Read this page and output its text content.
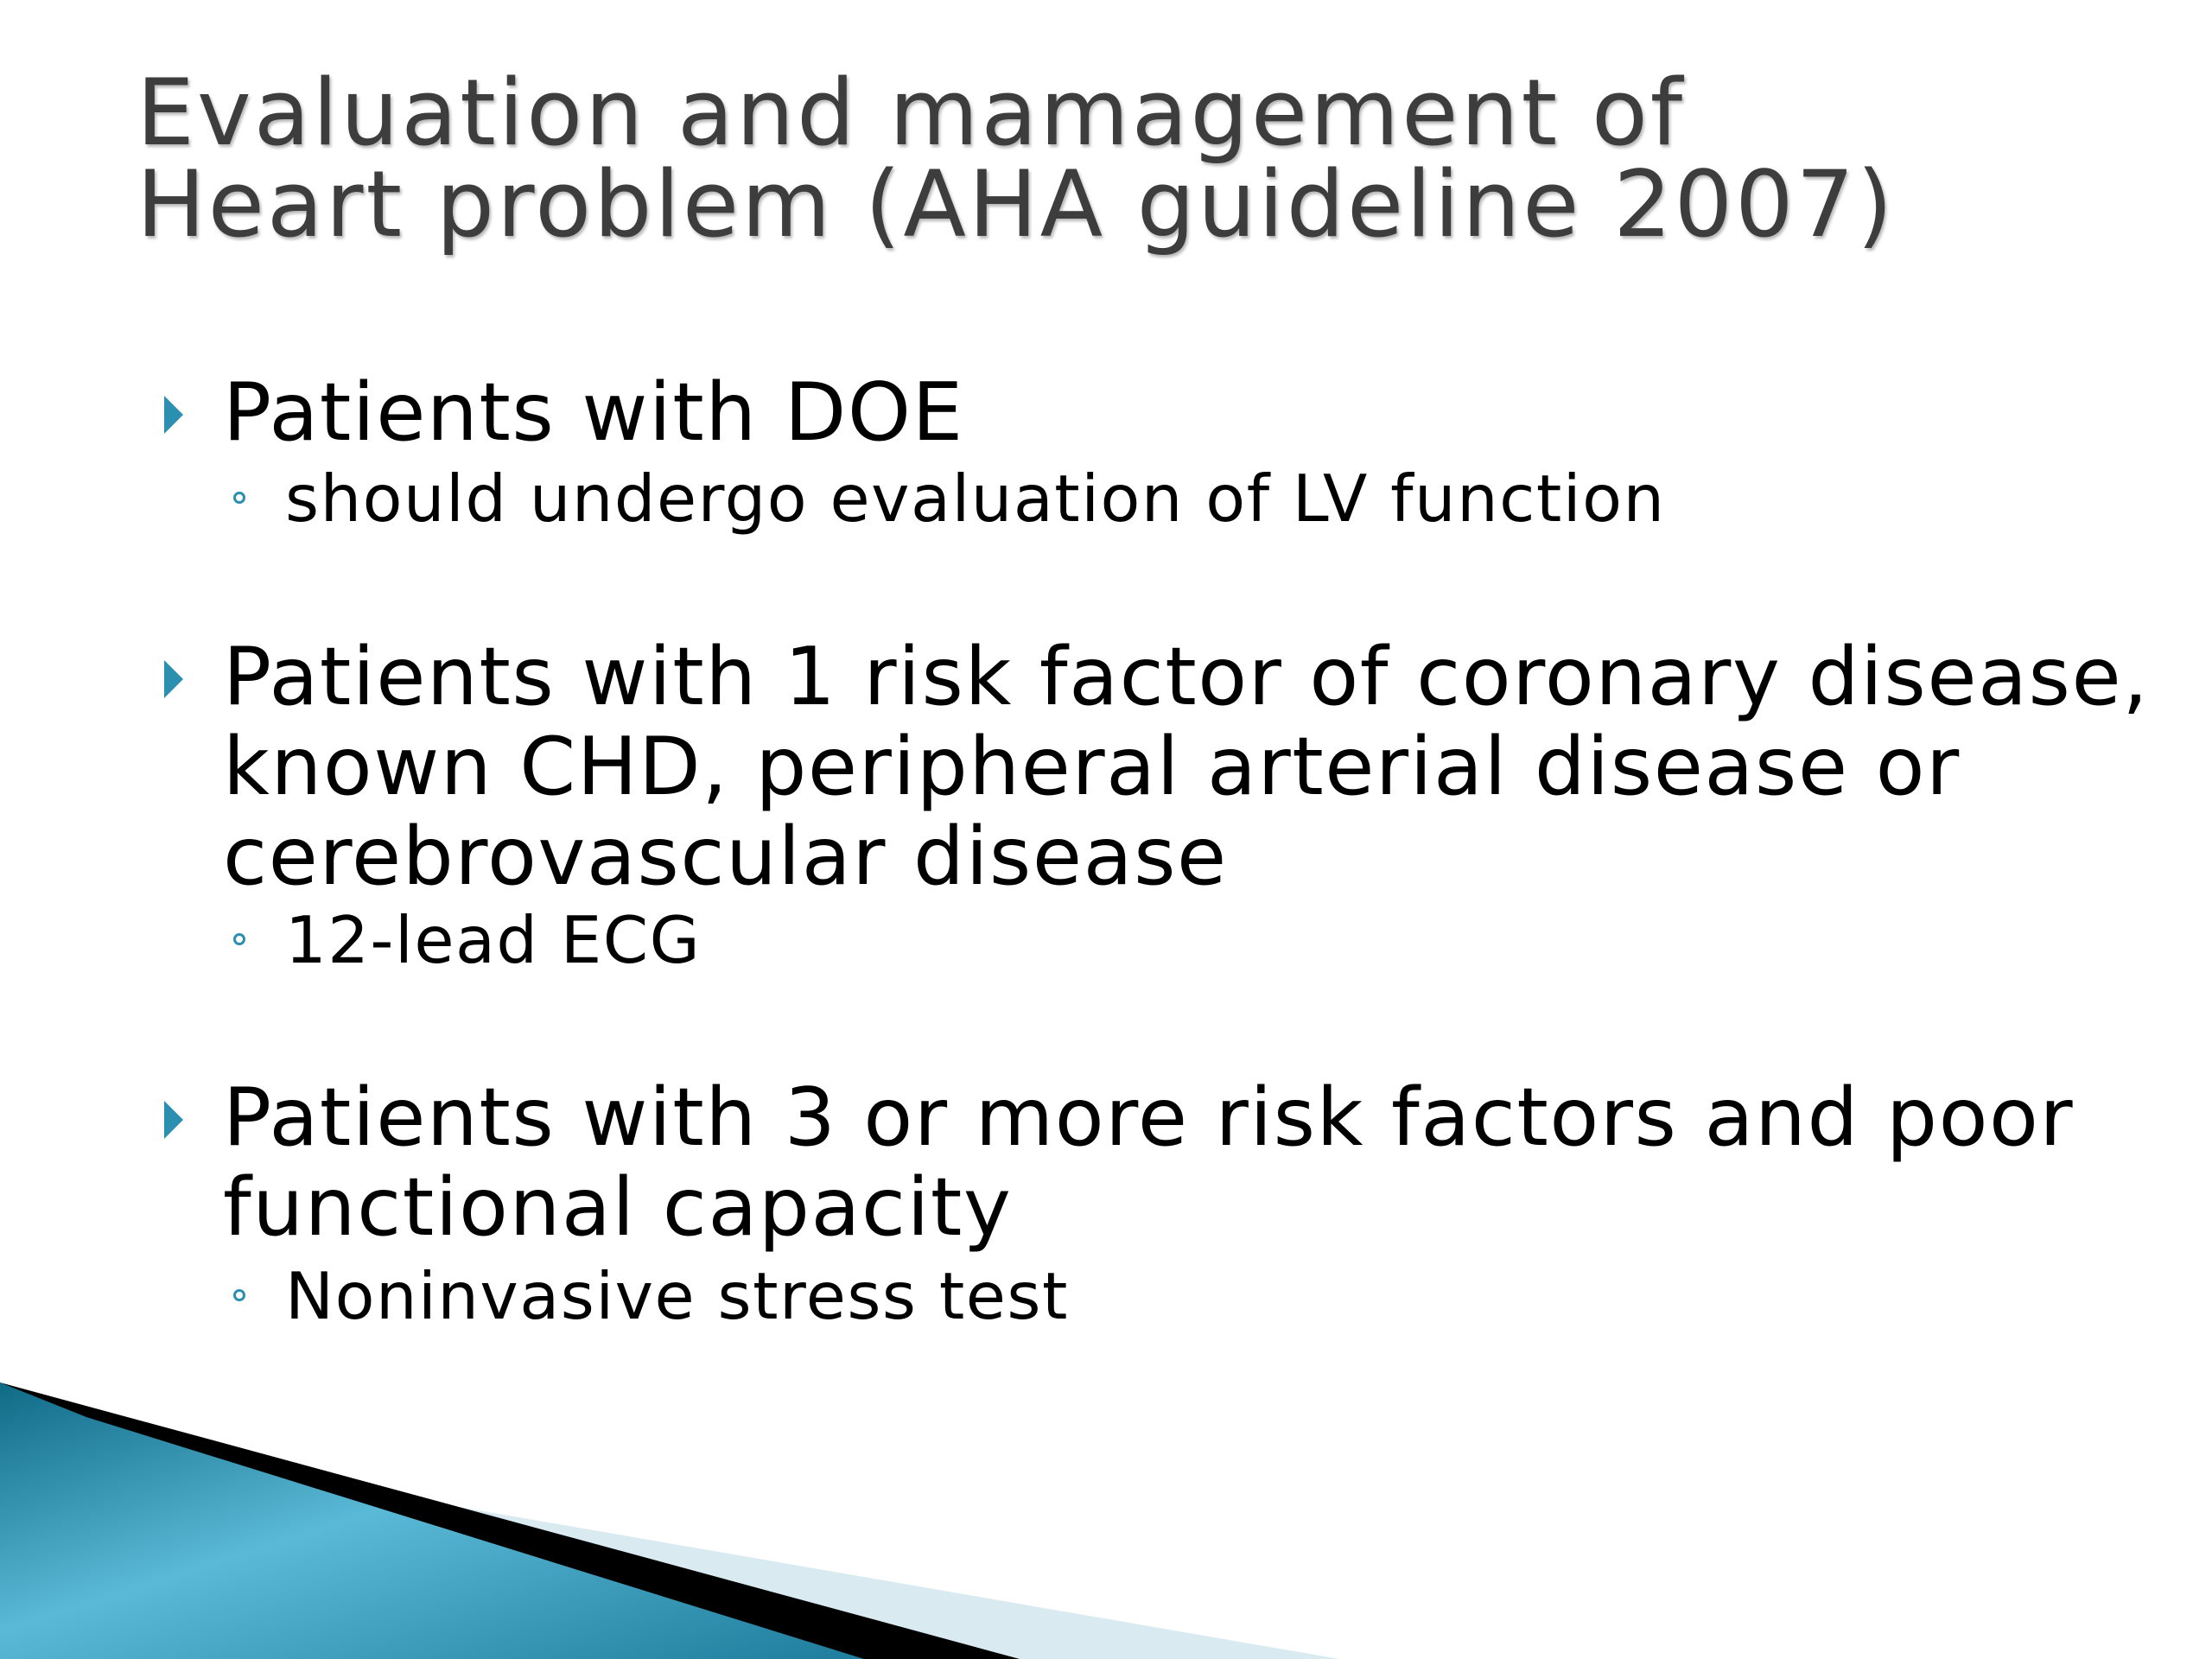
Evaluation and mamagement of
Heart problem (AHA guideline 2007)
Patients with DOE
should undergo evaluation of LV function
Patients with 1 risk factor of coronary disease,
known CHD, peripheral arterial disease or
cerebrovascular disease
12-lead ECG
Patients with 3 or more risk factors and poor
functional capacity
Noninvasive stress test
